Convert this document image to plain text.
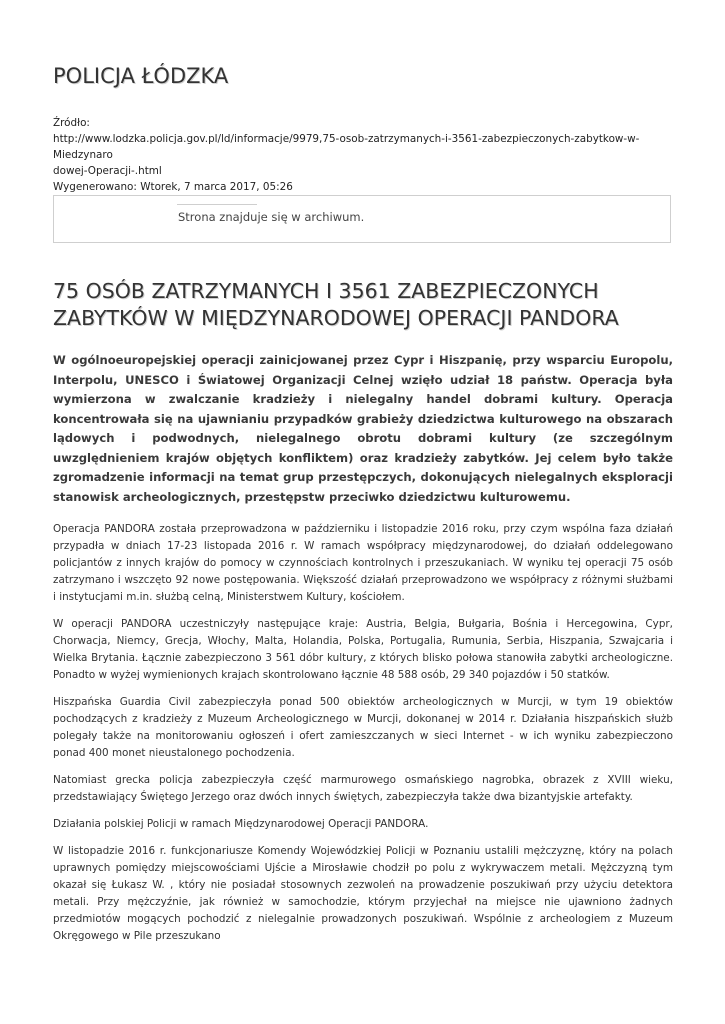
POLICJA ŁÓDZKA
Źródło:
http://www.lodzka.policja.gov.pl/ld/informacje/9979,75-osob-zatrzymanych-i-3561-zabezpieczonych-zabytkow-w-Miedzynaro
dowej-Operacji-.html
Wygenerowano: Wtorek, 7 marca 2017, 05:26
Strona znajduje się w archiwum.
75 OSÓB ZATRZYMANYCH I 3561 ZABEZPIECZONYCH ZABYTKÓW W MIĘDZYNARODOWEJ OPERACJI PANDORA

W ogólnoeuropejskiej operacji zainicjowanej przez Cypr i Hiszpanię, przy wsparciu Europolu, Interpolu, UNESCO i Światowej Organizacji Celnej wzięło udział 18 państw. Operacja była wymierzona w zwalczanie kradzieży i nielegalny handel dobrami kultury. Operacja koncentrowała się na ujawnianiu przypadków grabieży dziedzictwa kulturowego na obszarach lądowych i podwodnych, nielegalnego obrotu dobrami kultury (ze szczególnym uwzględnieniem krajów objętych konfliktem) oraz kradzieży zabytków. Jej celem było także zgromadzenie informacji na temat grup przestępczych, dokonujących nielegalnych eksploracji stanowisk archeologicznych, przestępstw przeciwko dziedzictwu kulturowemu.

Operacja PANDORA została przeprowadzona w październiku i listopadzie 2016 roku, przy czym wspólna faza działań przypadła w dniach 17-23 listopada 2016 r. W ramach współpracy międzynarodowej, do działań oddelegowano policjantów z innych krajów do pomocy w czynnościach kontrolnych i przeszukaniach. W wyniku tej operacji 75 osób zatrzymano i wszczęto 92 nowe postępowania. Większość działań przeprowadzono we współpracy z różnymi służbami i instytucjami m.in. służbą celną, Ministerstwem Kultury, kościołem.

W operacji PANDORA uczestniczyły następujące kraje: Austria, Belgia, Bułgaria, Bośnia i Hercegowina, Cypr, Chorwacja, Niemcy, Grecja, Włochy, Malta, Holandia, Polska, Portugalia, Rumunia, Serbia, Hiszpania, Szwajcaria i Wielka Brytania. Łącznie zabezpieczono 3 561 dóbr kultury, z których blisko połowa stanowiła zabytki archeologiczne. Ponadto w wyżej wymienionych krajach skontrolowano łącznie 48 588 osób, 29 340 pojazdów i 50 statków.

Hiszpańska Guardia Civil zabezpieczyła ponad 500 obiektów archeologicznych w Murcji, w tym 19 obiektów pochodzących z kradzieży z Muzeum Archeologicznego w Murcji, dokonanej w 2014 r. Działania hiszpańskich służb polegały także na monitorowaniu ogłoszeń i ofert zamieszczanych w sieci Internet - w ich wyniku zabezpieczono ponad 400 monet nieustalonego pochodzenia.

Natomiast grecka policja zabezpieczyła część marmurowego osmańskiego nagrobka, obrazek z XVIII wieku, przedstawiający Świętego Jerzego oraz dwóch innych świętych, zabezpieczyła także dwa bizantyjskie artefakty.

Działania polskiej Policji w ramach Międzynarodowej Operacji PANDORA.

W listopadzie 2016 r. funkcjonariusze Komendy Wojewódzkiej Policji w Poznaniu ustalili mężczyznę, który na polach uprawnych pomiędzy miejscowościami Ujście a Mirosławie chodził po polu z wykrywaczem metali. Mężczyzną tym okazał się Łukasz W. , który nie posiadał stosownych zezwoleń na prowadzenie poszukiwań przy użyciu detektora metali. Przy mężczyźnie, jak również w samochodzie, którym przyjechał na miejsce nie ujawniono żadnych przedmiotów mogących pochodzić z nielegalnie prowadzonych poszukiwań. Wspólnie z archeologiem z Muzeum Okręgowego w Pile przeszukano
